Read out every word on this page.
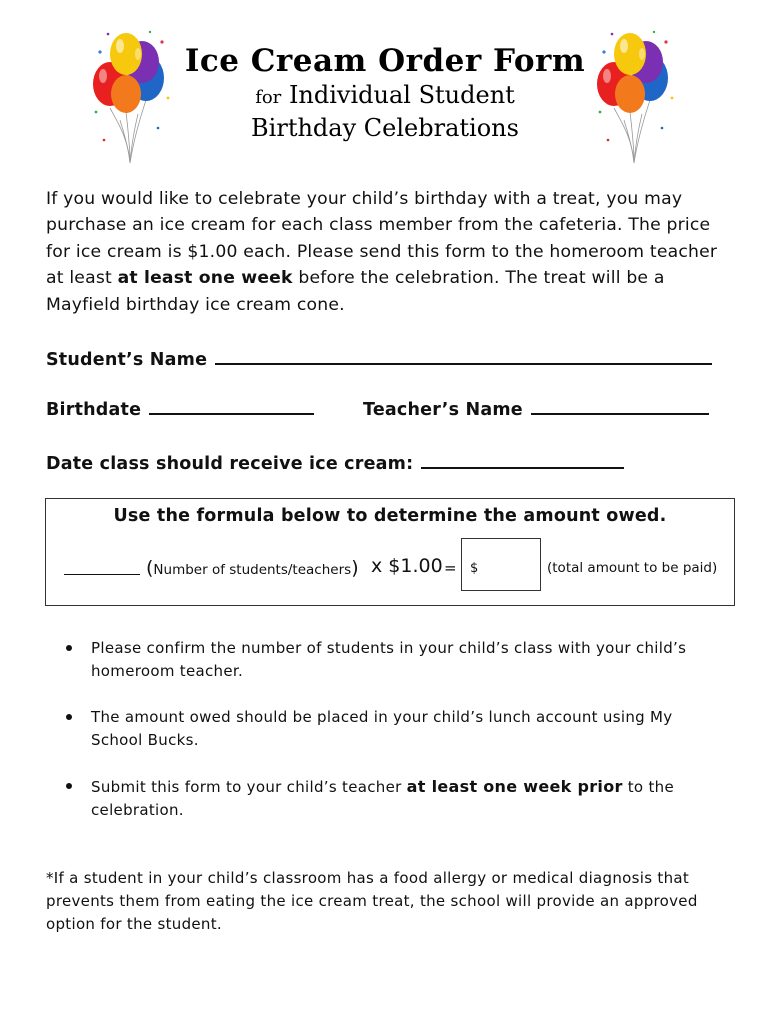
Ice Cream Order Form
for Individual Student
Birthday Celebrations
If you would like to celebrate your child’s birthday with a treat, you may purchase an ice cream for each class member from the cafeteria. The price for ice cream is $1.00 each. Please send this form to the homeroom teacher at least at least one week before the celebration. The treat will be a Mayfield birthday ice cream cone.
Student’s Name
Birthdate	Teacher’s Name
Date class should receive ice cream:
Use the formula below to determine the amount owed.
(Number of students/teachers) x $1.00 = $	(total amount to be paid)
Please confirm the number of students in your child’s class with your child’s homeroom teacher.
The amount owed should be placed in your child’s lunch account using My School Bucks.
Submit this form to your child’s teacher at least one week prior to the celebration.
*If a student in your child’s classroom has a food allergy or medical diagnosis that prevents them from eating the ice cream treat, the school will provide an approved option for the student.
